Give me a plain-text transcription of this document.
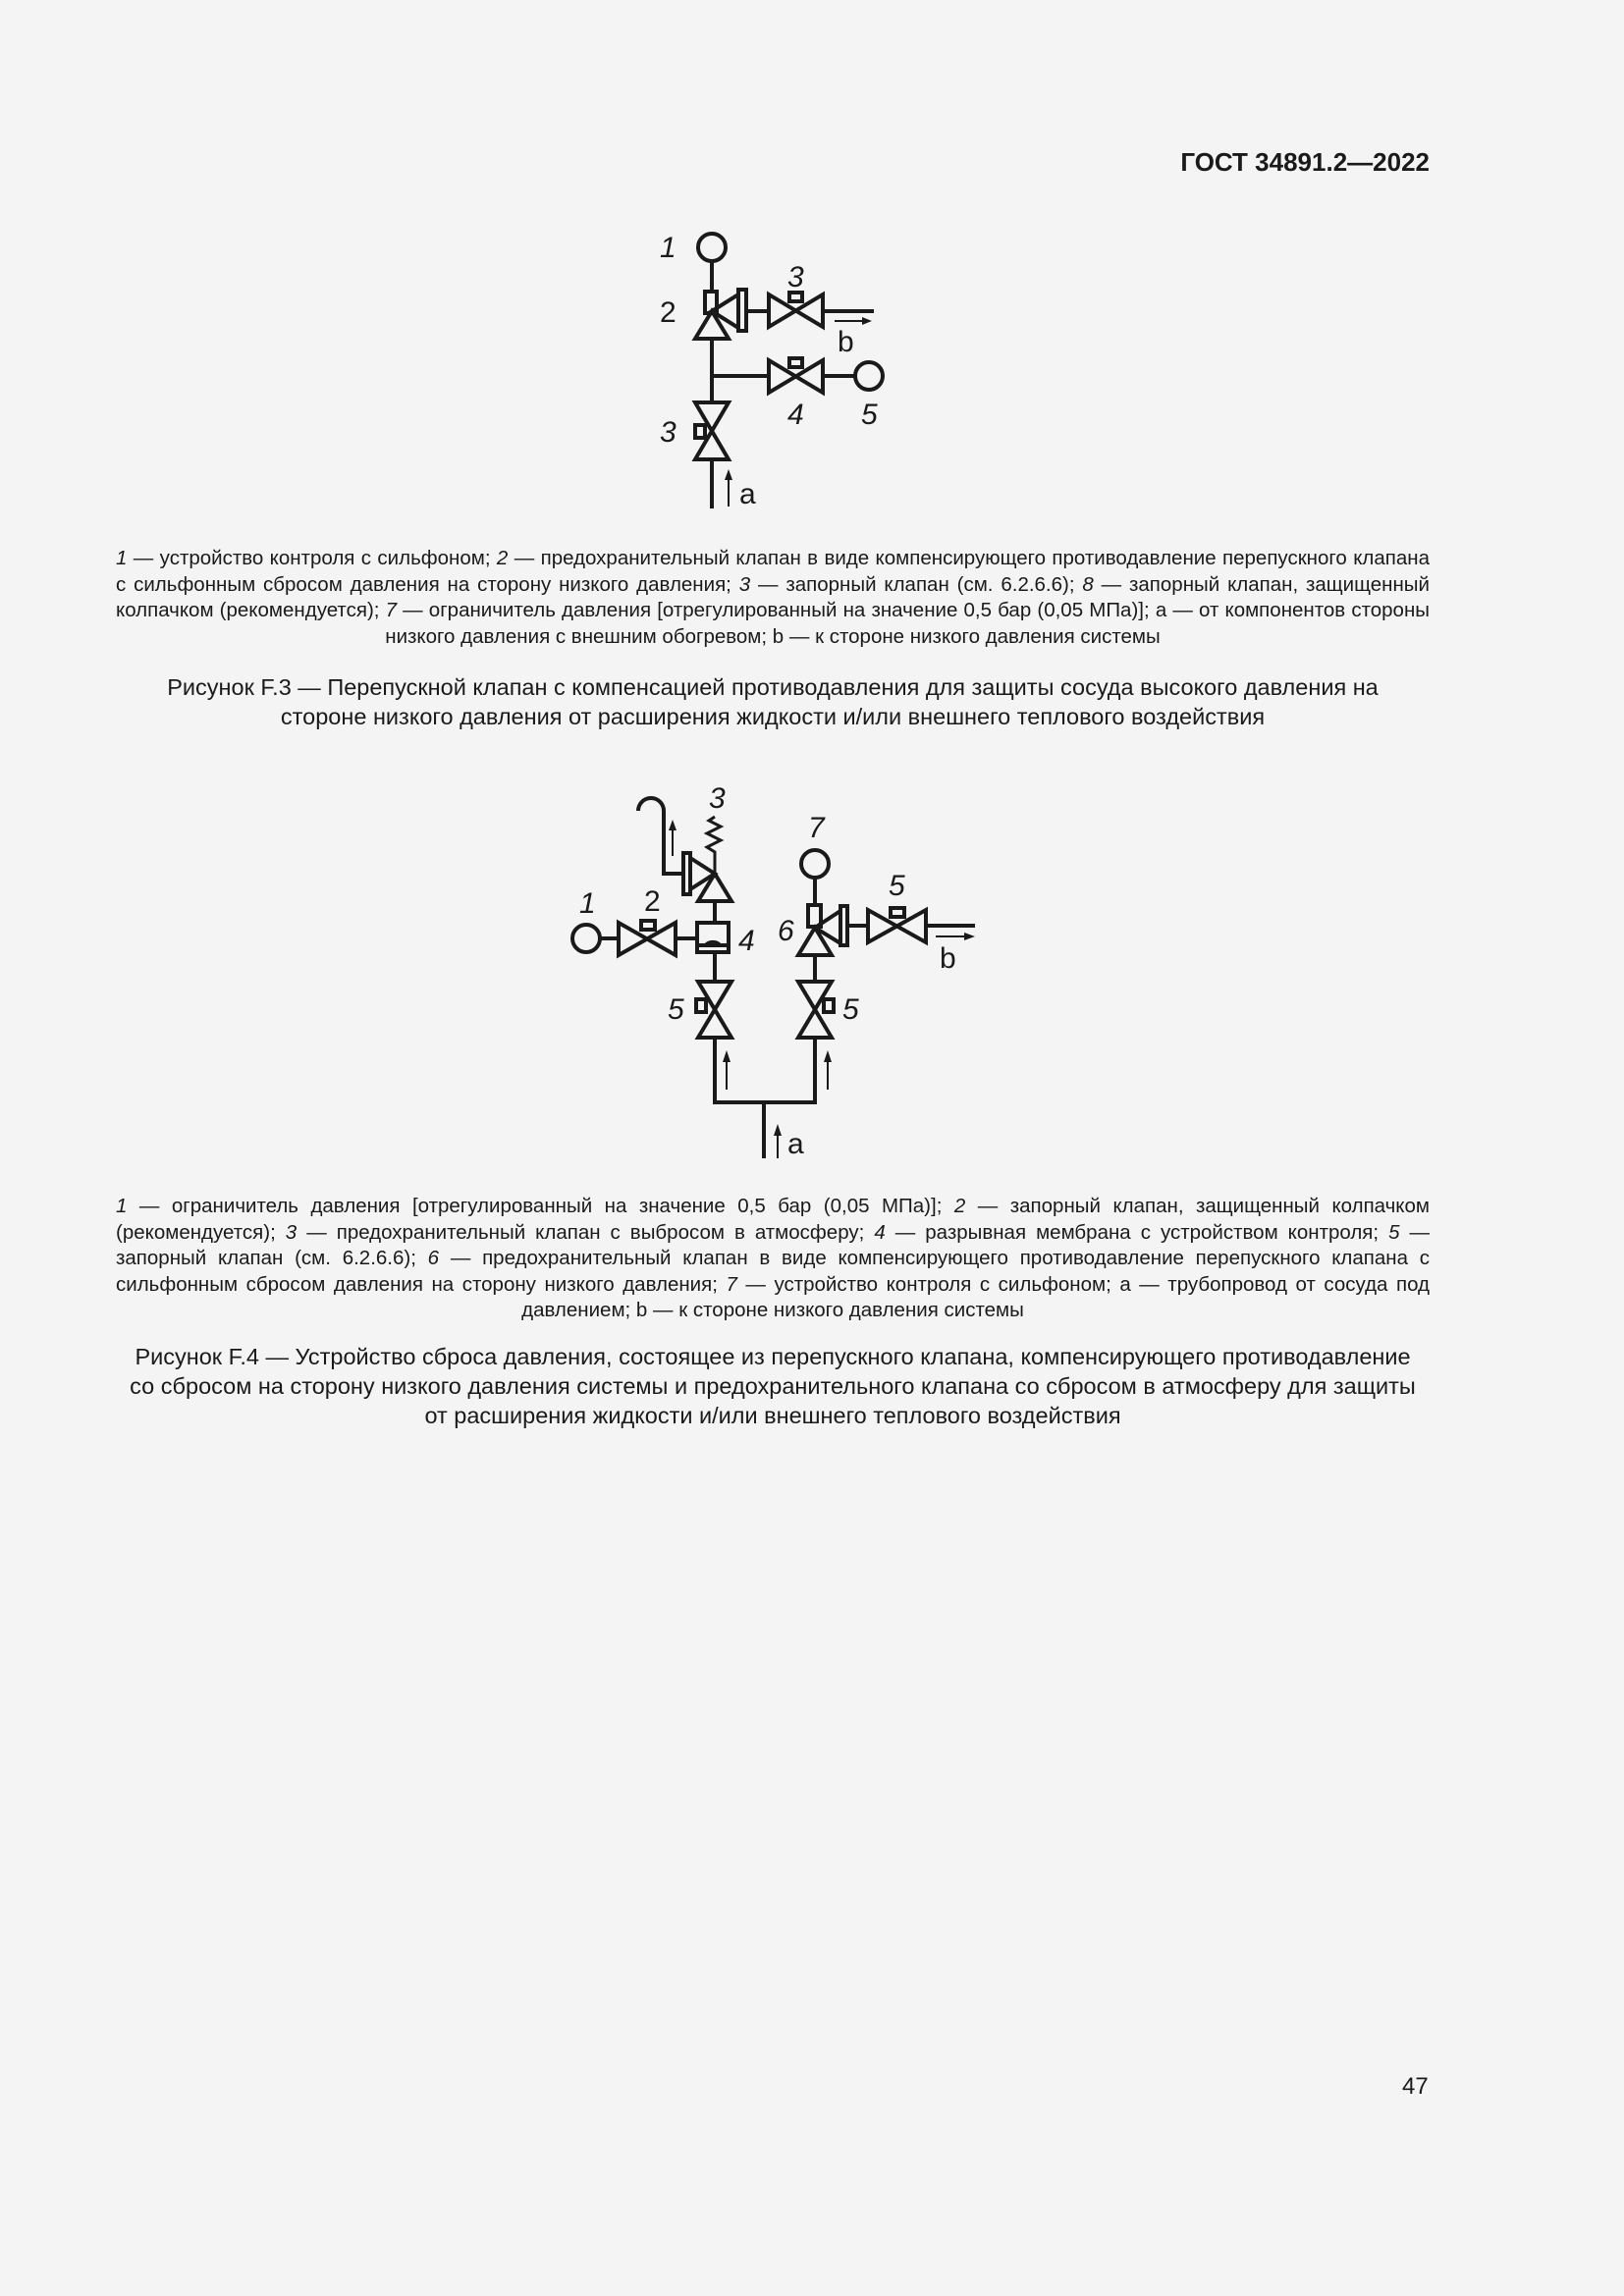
ГОСТ 34891.2—2022
1
2
3
3
4 5
b
a
1 — устройство контроля с сильфоном; 2 — предохранительный клапан в виде компенсирующего противодавление перепускного клапана с сильфонным сбросом давления на сторону низкого давления; 3 — запорный клапан (см. 6.2.6.6); 8 — запорный клапан, защищенный колпачком (рекомендуется); 7 — ограничитель давления [отрегулированный на значение 0,5 бар (0,05 МПа)]; a — от компонентов стороны низкого давления с внешним обогревом; b — к стороне низкого давления системы
Рисунок F.3 — Перепускной клапан с компенсацией противодавления для защиты сосуда высокого давления на стороне низкого давления от расширения жидкости и/или внешнего теплового воздействия
1 2
3
4
5	5
5
6
7
b
a
1 — ограничитель давления [отрегулированный на значение 0,5 бар (0,05 МПа)]; 2 — запорный клапан, защищенный колпачком (рекомендуется); 3 — предохранительный клапан с выбросом в атмосферу; 4 — разрывная мембрана с устройством контроля; 5 — запорный клапан (см. 6.2.6.6); 6 — предохранительный клапан в виде компенсирующего противодавление перепускного клапана с сильфонным сбросом давления на сторону низкого давления; 7 — устройство контроля с сильфоном; a — трубопровод от сосуда под давлением; b — к стороне низкого давления системы
Рисунок F.4 — Устройство сброса давления, состоящее из перепускного клапана, компенсирующего противодавление со сбросом на сторону низкого давления системы и предохранительного клапана со сбросом в атмосферу для защиты от расширения жидкости и/или внешнего теплового воздействия
47
